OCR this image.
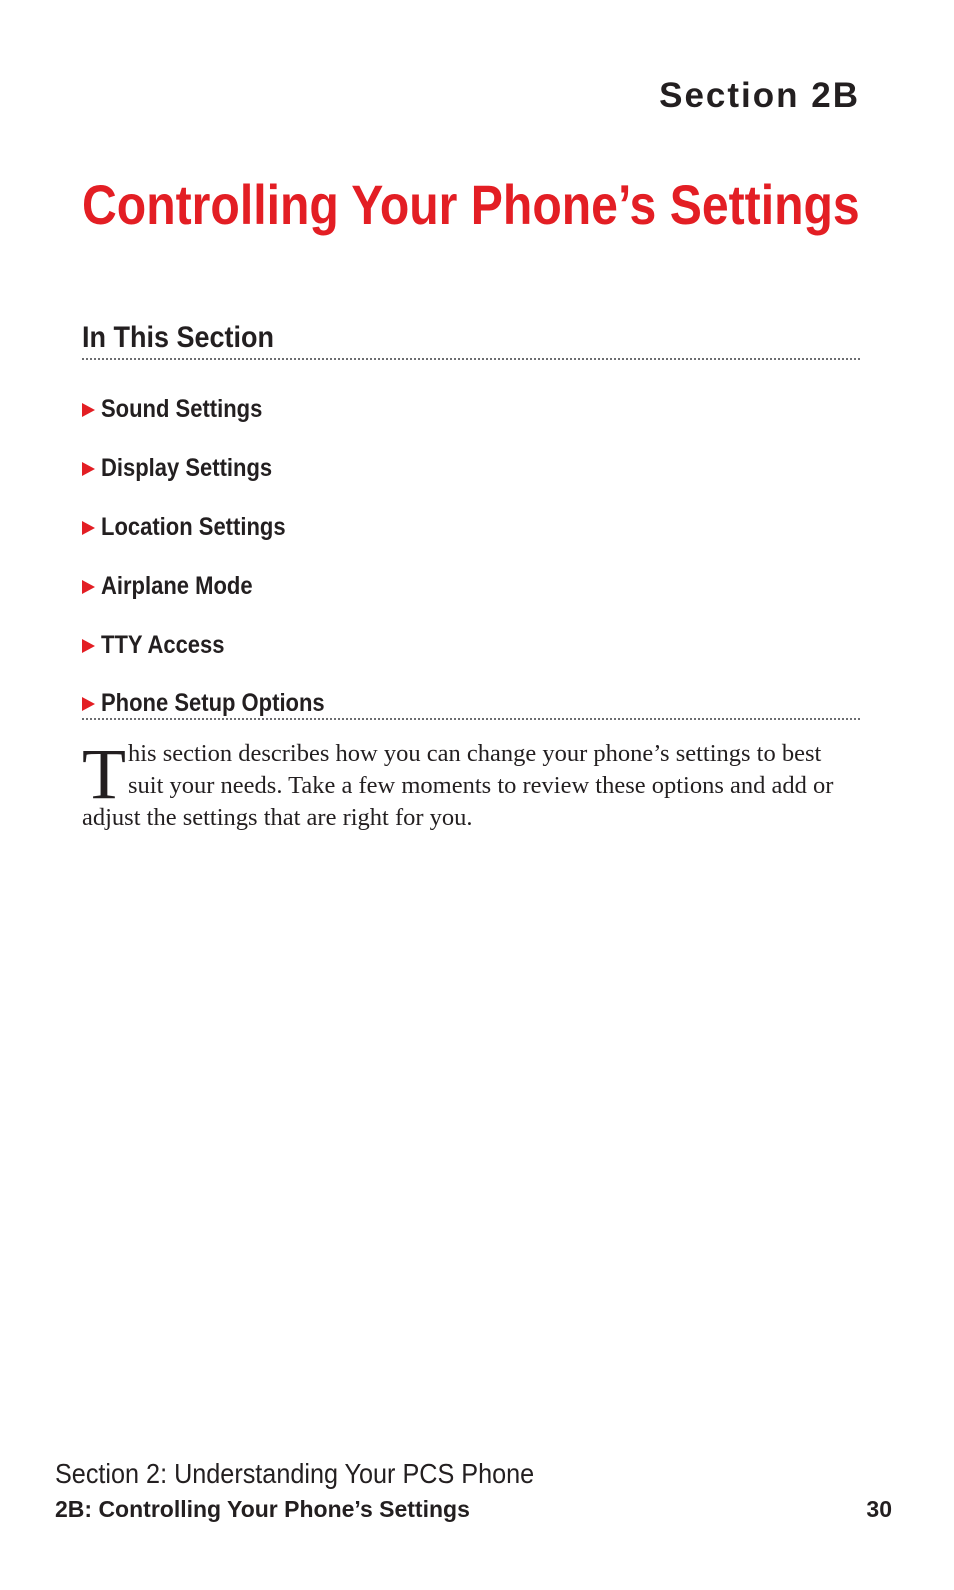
Section 2B
Controlling Your Phone’s Settings
In This Section
Sound Settings
Display Settings
Location Settings
Airplane Mode
TTY Access
Phone Setup Options

This section describes how you can change your phone’s settings to best suit your needs. Take a few moments to review these options and add or adjust the settings that are right for you.

Section 2: Understanding Your PCS Phone
2B: Controlling Your Phone’s Settings	30
